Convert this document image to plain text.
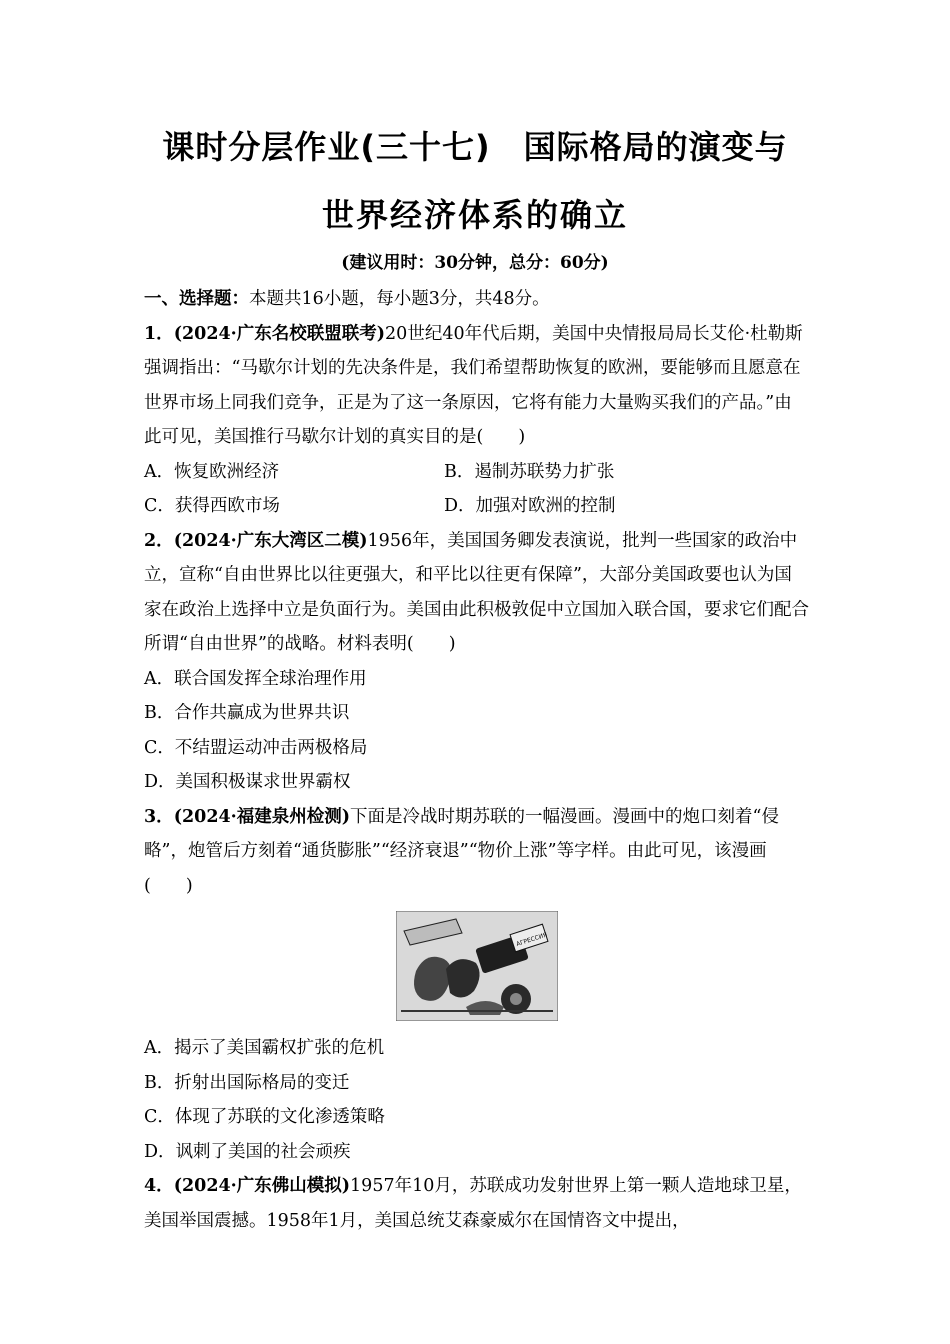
课时分层作业(三十七)　国际格局的演变与
世界经济体系的确立
(建议用时：30分钟，总分：60分)

一、选择题：本题共16小题，每小题3分，共48分。

1．(2024·广东名校联盟联考)20世纪40年代后期，美国中央情报局局长艾伦·杜勒斯强调指出：“马歇尔计划的先决条件是，我们希望帮助恢复的欧洲，要能够而且愿意在世界市场上同我们竞争，正是为了这一条原因，它将有能力大量购买我们的产品。”由此可见，美国推行马歇尔计划的真实目的是(　　)

A．恢复欧洲经济	B．遏制苏联势力扩张
C．获得西欧市场	D．加强对欧洲的控制

2．(2024·广东大湾区二模)1956年，美国国务卿发表演说，批判一些国家的政治中立，宣称“自由世界比以往更强大，和平比以往更有保障”，大部分美国政要也认为国家在政治上选择中立是负面行为。美国由此积极敦促中立国加入联合国，要求它们配合所谓“自由世界”的战略。材料表明(　　)

A．联合国发挥全球治理作用
B．合作共赢成为世界共识
C．不结盟运动冲击两极格局
D．美国积极谋求世界霸权

3．(2024·福建泉州检测)下面是冷战时期苏联的一幅漫画。漫画中的炮口刻着“侵略”，炮管后方刻着“通货膨胀”“经济衰退”“物价上涨”等字样。由此可见，该漫画(　　)

АГРЕССИЯ
A．揭示了美国霸权扩张的危机
B．折射出国际格局的变迁
C．体现了苏联的文化渗透策略
D．讽刺了美国的社会顽疾

4．(2024·广东佛山模拟)1957年10月，苏联成功发射世界上第一颗人造地球卫星，美国举国震撼。1958年1月，美国总统艾森豪威尔在国情咨文中提出，
